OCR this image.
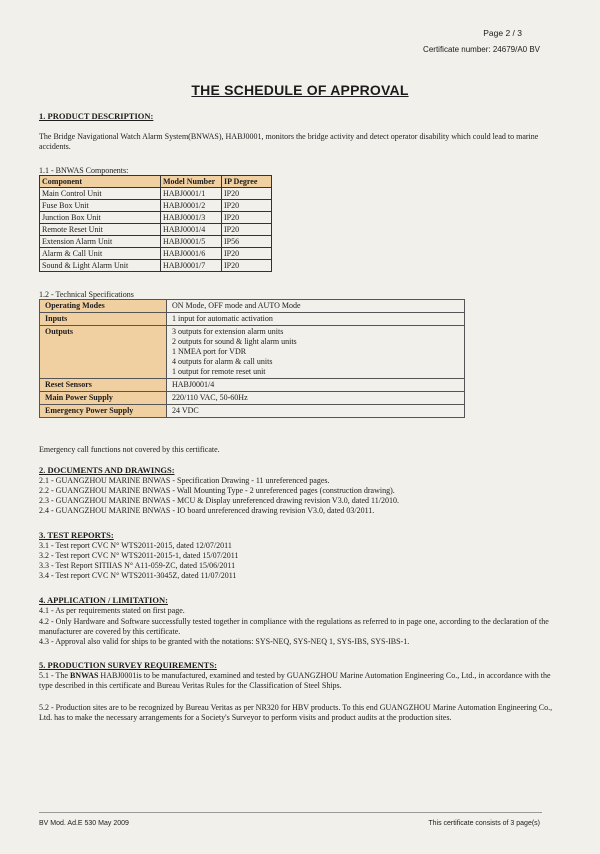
Page 2 / 3
Certificate number: 24679/A0 BV
THE SCHEDULE OF APPROVAL
1. PRODUCT DESCRIPTION:
The Bridge Navigational Watch Alarm System(BNWAS), HABJ0001, monitors the bridge activity and detect operator disability which could lead to marine accidents.
1.1 - BNWAS Components:
Component	Model Number	IP Degree
Main Control Unit	HABJ0001/1	IP20
Fuse Box Unit	HABJ0001/2	IP20
Junction Box Unit	HABJ0001/3	IP20
Remote Reset Unit	HABJ0001/4	IP20
Extension Alarm Unit	HABJ0001/5	IP56
Alarm & Call Unit	HABJ0001/6	IP20
Sound & Light Alarm Unit	HABJ0001/7	IP20
1.2 - Technical Specifications
Operating Modes	ON Mode, OFF mode and AUTO Mode

Inputs	1 input for automatic activation

Outputs	3 outputs for extension alarm units
2 outputs for sound & light alarm units
1 NMEA port for VDR
4 outputs for alarm & call units
1 output for remote reset unit

Reset Sensors	HABJ0001/4

Main Power Supply	220/110 VAC, 50-60Hz

Emergency Power Supply	24 VDC
Emergency call functions not covered by this certificate.
2. DOCUMENTS AND DRAWINGS:
2.1 - GUANGZHOU MARINE BNWAS - Specification Drawing - 11 unreferenced pages.
2.2 - GUANGZHOU MARINE BNWAS - Wall Mounting Type - 2 unreferenced pages (construction drawing).
2.3 - GUANGZHOU MARINE BNWAS - MCU & Display unreferenced drawing revision V3.0, dated 11/2010.
2.4 - GUANGZHOU MARINE BNWAS - IO board unreferenced drawing revision V3.0, dated 03/2011.
3. TEST REPORTS:
3.1 - Test report CVC N° WTS2011-2015, dated 12/07/2011
3.2 - Test report CVC N° WTS2011-2015-1, dated 15/07/2011
3.3 - Test Report SITIIAS N° A11-059-ZC, dated 15/06/2011
3.4 - Test report CVC N° WTS2011-3045Z, dated 11/07/2011
4. APPLICATION / LIMITATION:
4.1 - As per requirements stated on first page.
4.2 - Only Hardware and Software successfully tested together in compliance with the regulations as referred to in page one, according to the declaration of the manufacturer are covered by this certificate.
4.3 - Approval also valid for ships to be granted with the notations: SYS-NEQ, SYS-NEQ 1, SYS-IBS, SYS-IBS-1.
5. PRODUCTION SURVEY REQUIREMENTS:
5.1 - The BNWAS HABJ0001is to be manufactured, examined and tested by GUANGZHOU Marine Automation Engineering Co., Ltd., in accordance with the type described in this certificate and Bureau Veritas Rules for the Classification of Steel Ships.
5.2 - Production sites are to be recognized by Bureau Veritas as per NR320 for HBV products. To this end GUANGZHOU Marine Automation Engineering Co., Ltd. has to make the necessary arrangements for a Society's Surveyor to perform visits and product audits at the production sites.
BV Mod. Ad.E 530 May 2009	This certificate consists of 3 page(s)
